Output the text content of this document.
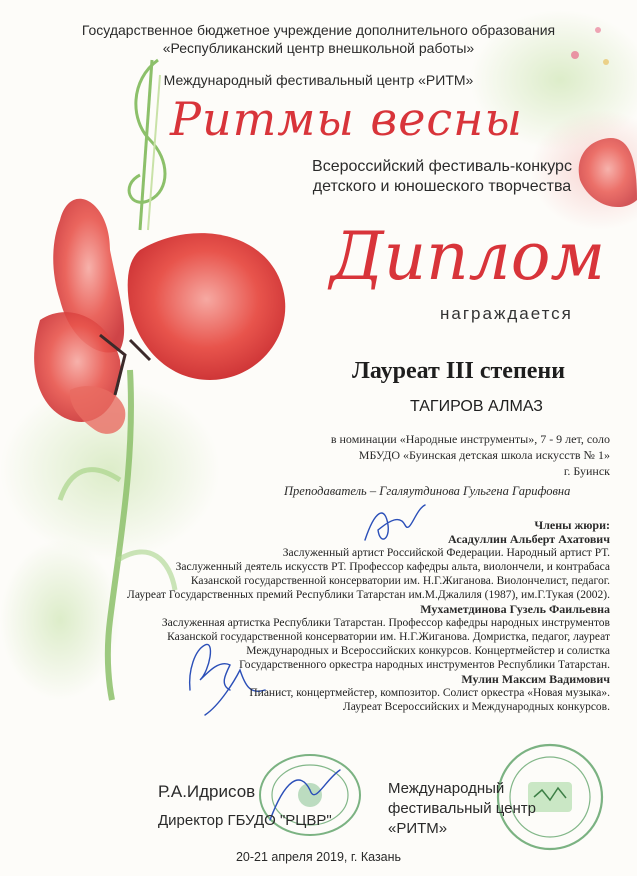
Государственное бюджетное учреждение дополнительного образования
«Республиканский центр внешкольной работы»
Международный фестивальный центр «РИТМ»
Ритмы весны
Всероссийский фестиваль-конкурс
детского и юношеского творчества
Диплом
награждается
Лауреат III степени
ТАГИРОВ АЛМАЗ
в номинации «Народные инструменты», 7 - 9 лет, соло
МБУДО «Буинская детская школа искусств № 1»
г. Буинск
Преподаватель – Ггаляутдинова Гульгена Гарифовна
Члены жюри:
Асадуллин Альберт Ахатович
Заслуженный артист Российской Федерации. Народный артист РТ.
Заслуженный деятель искусств РТ. Профессор кафедры альта, виолончели, и контрабаса
Казанской государственной консерватории им. Н.Г.Жиганова. Виолончелист, педагог.
Лауреат Государственных премий Республики Татарстан им.М.Джалиля (1987), им.Г.Тукая (2002).
Мухаметдинова Гузель Фаильевна
Заслуженная артистка Республики Татарстан. Профессор кафедры народных инструментов
Казанской государственной консерватории им. Н.Г.Жиганова. Домристка, педагог, лауреат
Международных и Всероссийских конкурсов. Концертмейстер и солистка
Государственного оркестра народных инструментов Республики Татарстан.
Мулин Максим Вадимович
Пианист, концертмейстер, композитор. Солист оркестра «Новая музыка».
Лауреат Всероссийских и Международных конкурсов.
Р.А.Идрисов
Директор ГБУДО "РЦВР"
Международный
фестивальный центр
«РИТМ»
20-21 апреля 2019, г. Казань
